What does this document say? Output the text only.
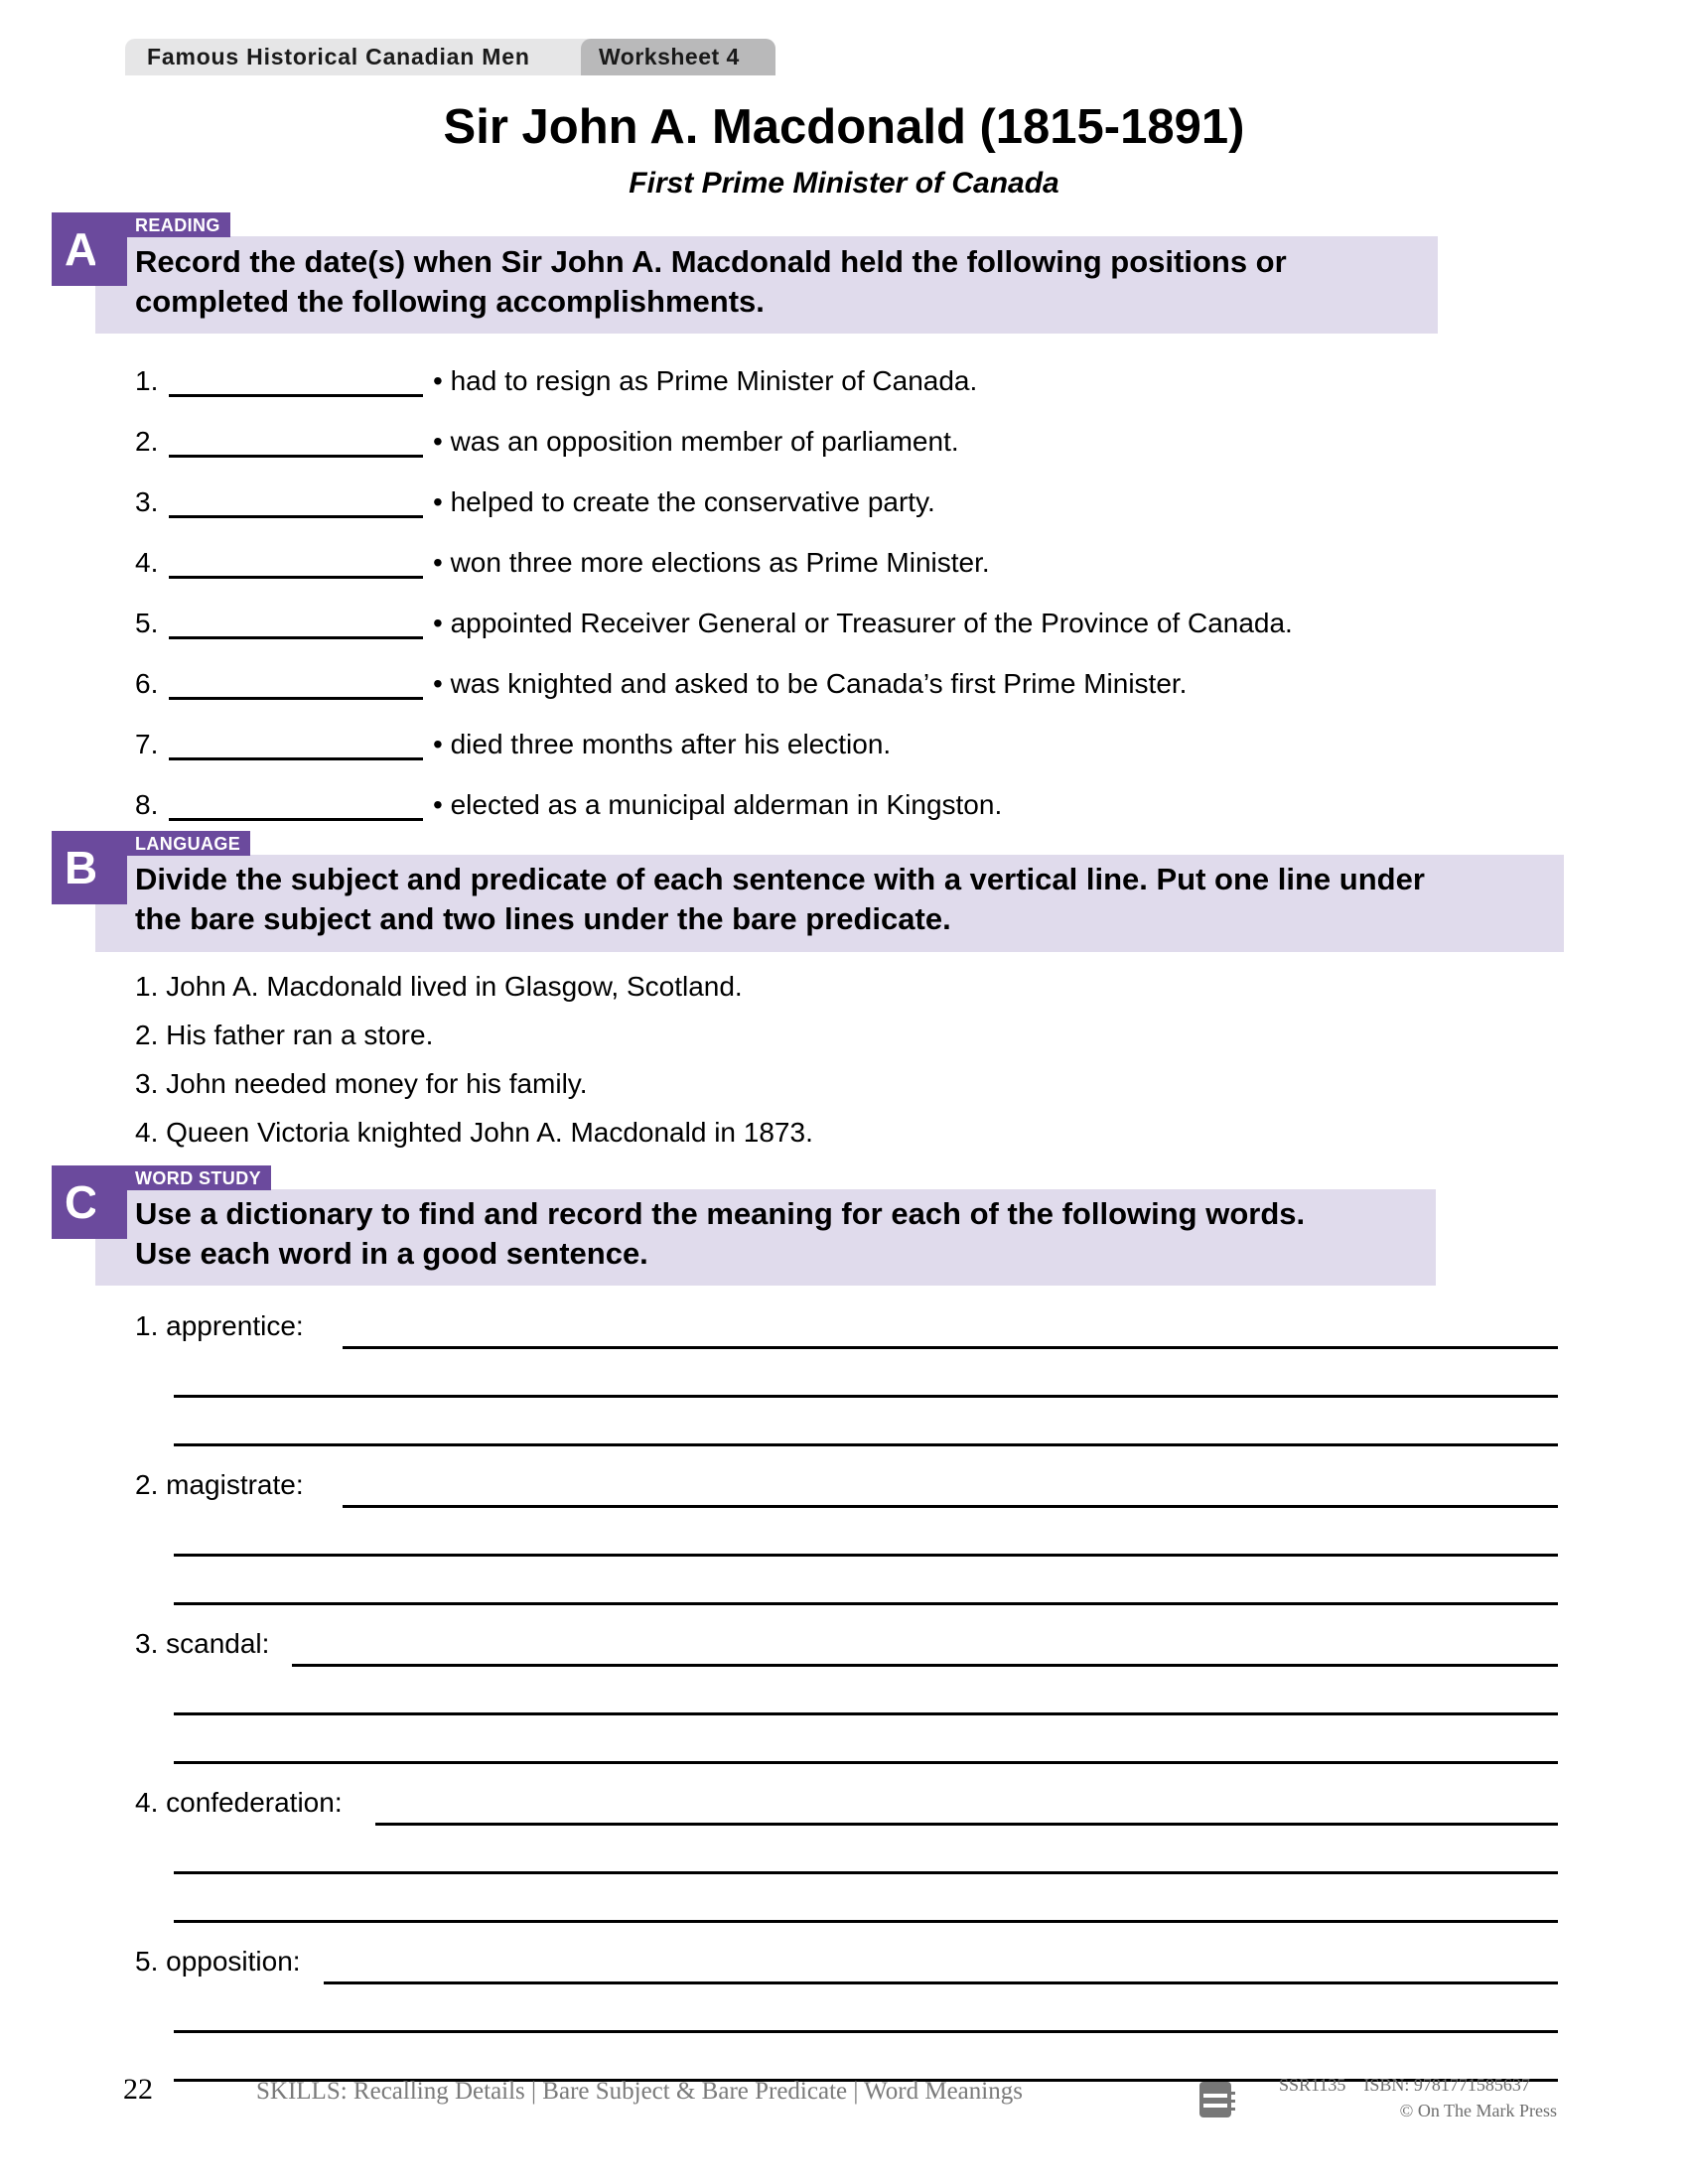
Famous Historical Canadian Men	Worksheet 4
Sir John A. Macdonald (1815-1891)
First Prime Minister of Canada
READING
A	Record the date(s) when Sir John A. Macdonald held the following positions or
completed the following accomplishments.
1.	• had to resign as Prime Minister of Canada.
2.	• was an opposition member of parliament.
3.	• helped to create the conservative party.
4.	• won three more elections as Prime Minister.
5.	• appointed Receiver General or Treasurer of the Province of Canada.
6.	• was knighted and asked to be Canada’s first Prime Minister.
7.	• died three months after his election.
8.	• elected as a municipal alderman in Kingston.
LANGUAGE
B	Divide the subject and predicate of each sentence with a vertical line. Put one line under
the bare subject and two lines under the bare predicate.
1. John A. Macdonald lived in Glasgow, Scotland.
2. His father ran a store.
3. John needed money for his family.
4. Queen Victoria knighted John A. Macdonald in 1873.
WORD STUDY
C	Use a dictionary to find and record the meaning for each of the following words.
Use each word in a good sentence.
1. apprentice:
2. magistrate:
3. scandal:
4. confederation:
5. opposition:
22	SKILLS: Recalling Details | Bare Subject & Bare Predicate | Word Meanings	SSR1135 ISBN: 9781771585637
© On The Mark Press
